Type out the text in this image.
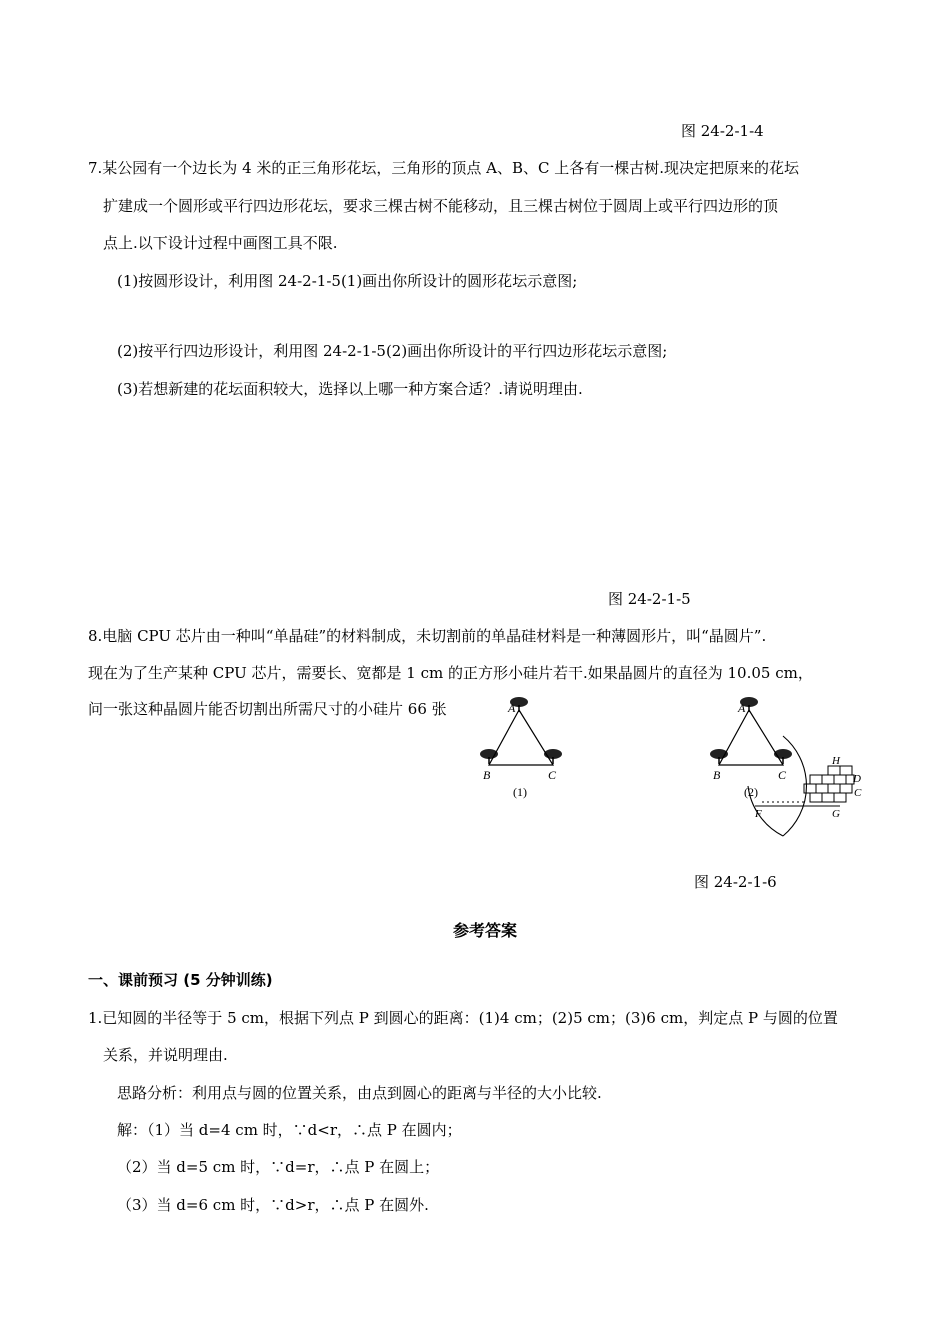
图 24-2-1-4
7.某公园有一个边长为 4 米的正三角形花坛，三角形的顶点 A、B、C 上各有一棵古树.现决定把原来的花坛
扩建成一个圆形或平行四边形花坛，要求三棵古树不能移动，且三棵古树位于圆周上或平行四边形的顶
点上.以下设计过程中画图工具不限.
(1)按圆形设计，利用图 24-2-1-5(1)画出你所设计的圆形花坛示意图;
(2)按平行四边形设计，利用图 24-2-1-5(2)画出你所设计的平行四边形花坛示意图;
(3)若想新建的花坛面积较大，选择以上哪一种方案合适？.请说明理由.
图 24-2-1-5
8.电脑 CPU 芯片由一种叫“单晶硅”的材料制成，未切割前的单晶硅材料是一种薄圆形片，叫“晶圆片”.
现在为了生产某种 CPU 芯片，需要长、宽都是 1 cm 的正方形小硅片若干.如果晶圆片的直径为 10.05 cm，
问一张这种晶圆片能否切割出所需尺寸的小硅片 66 张	A
B	C
(1)
A
B	C
H
D
C
F	G
(2)
图 24-2-1-6
参考答案
一、课前预习 (5 分钟训练)
1.已知圆的半径等于 5 cm，根据下列点 P 到圆心的距离：(1)4 cm；(2)5 cm；(3)6 cm，判定点 P 与圆的位置
关系，并说明理由.
思路分析：利用点与圆的位置关系，由点到圆心的距离与半径的大小比较.
解：（1）当 d=4 cm 时，∵d<r，∴点 P 在圆内；
（2）当 d=5 cm 时，∵d=r，∴点 P 在圆上；
（3）当 d=6 cm 时，∵d>r，∴点 P 在圆外.
